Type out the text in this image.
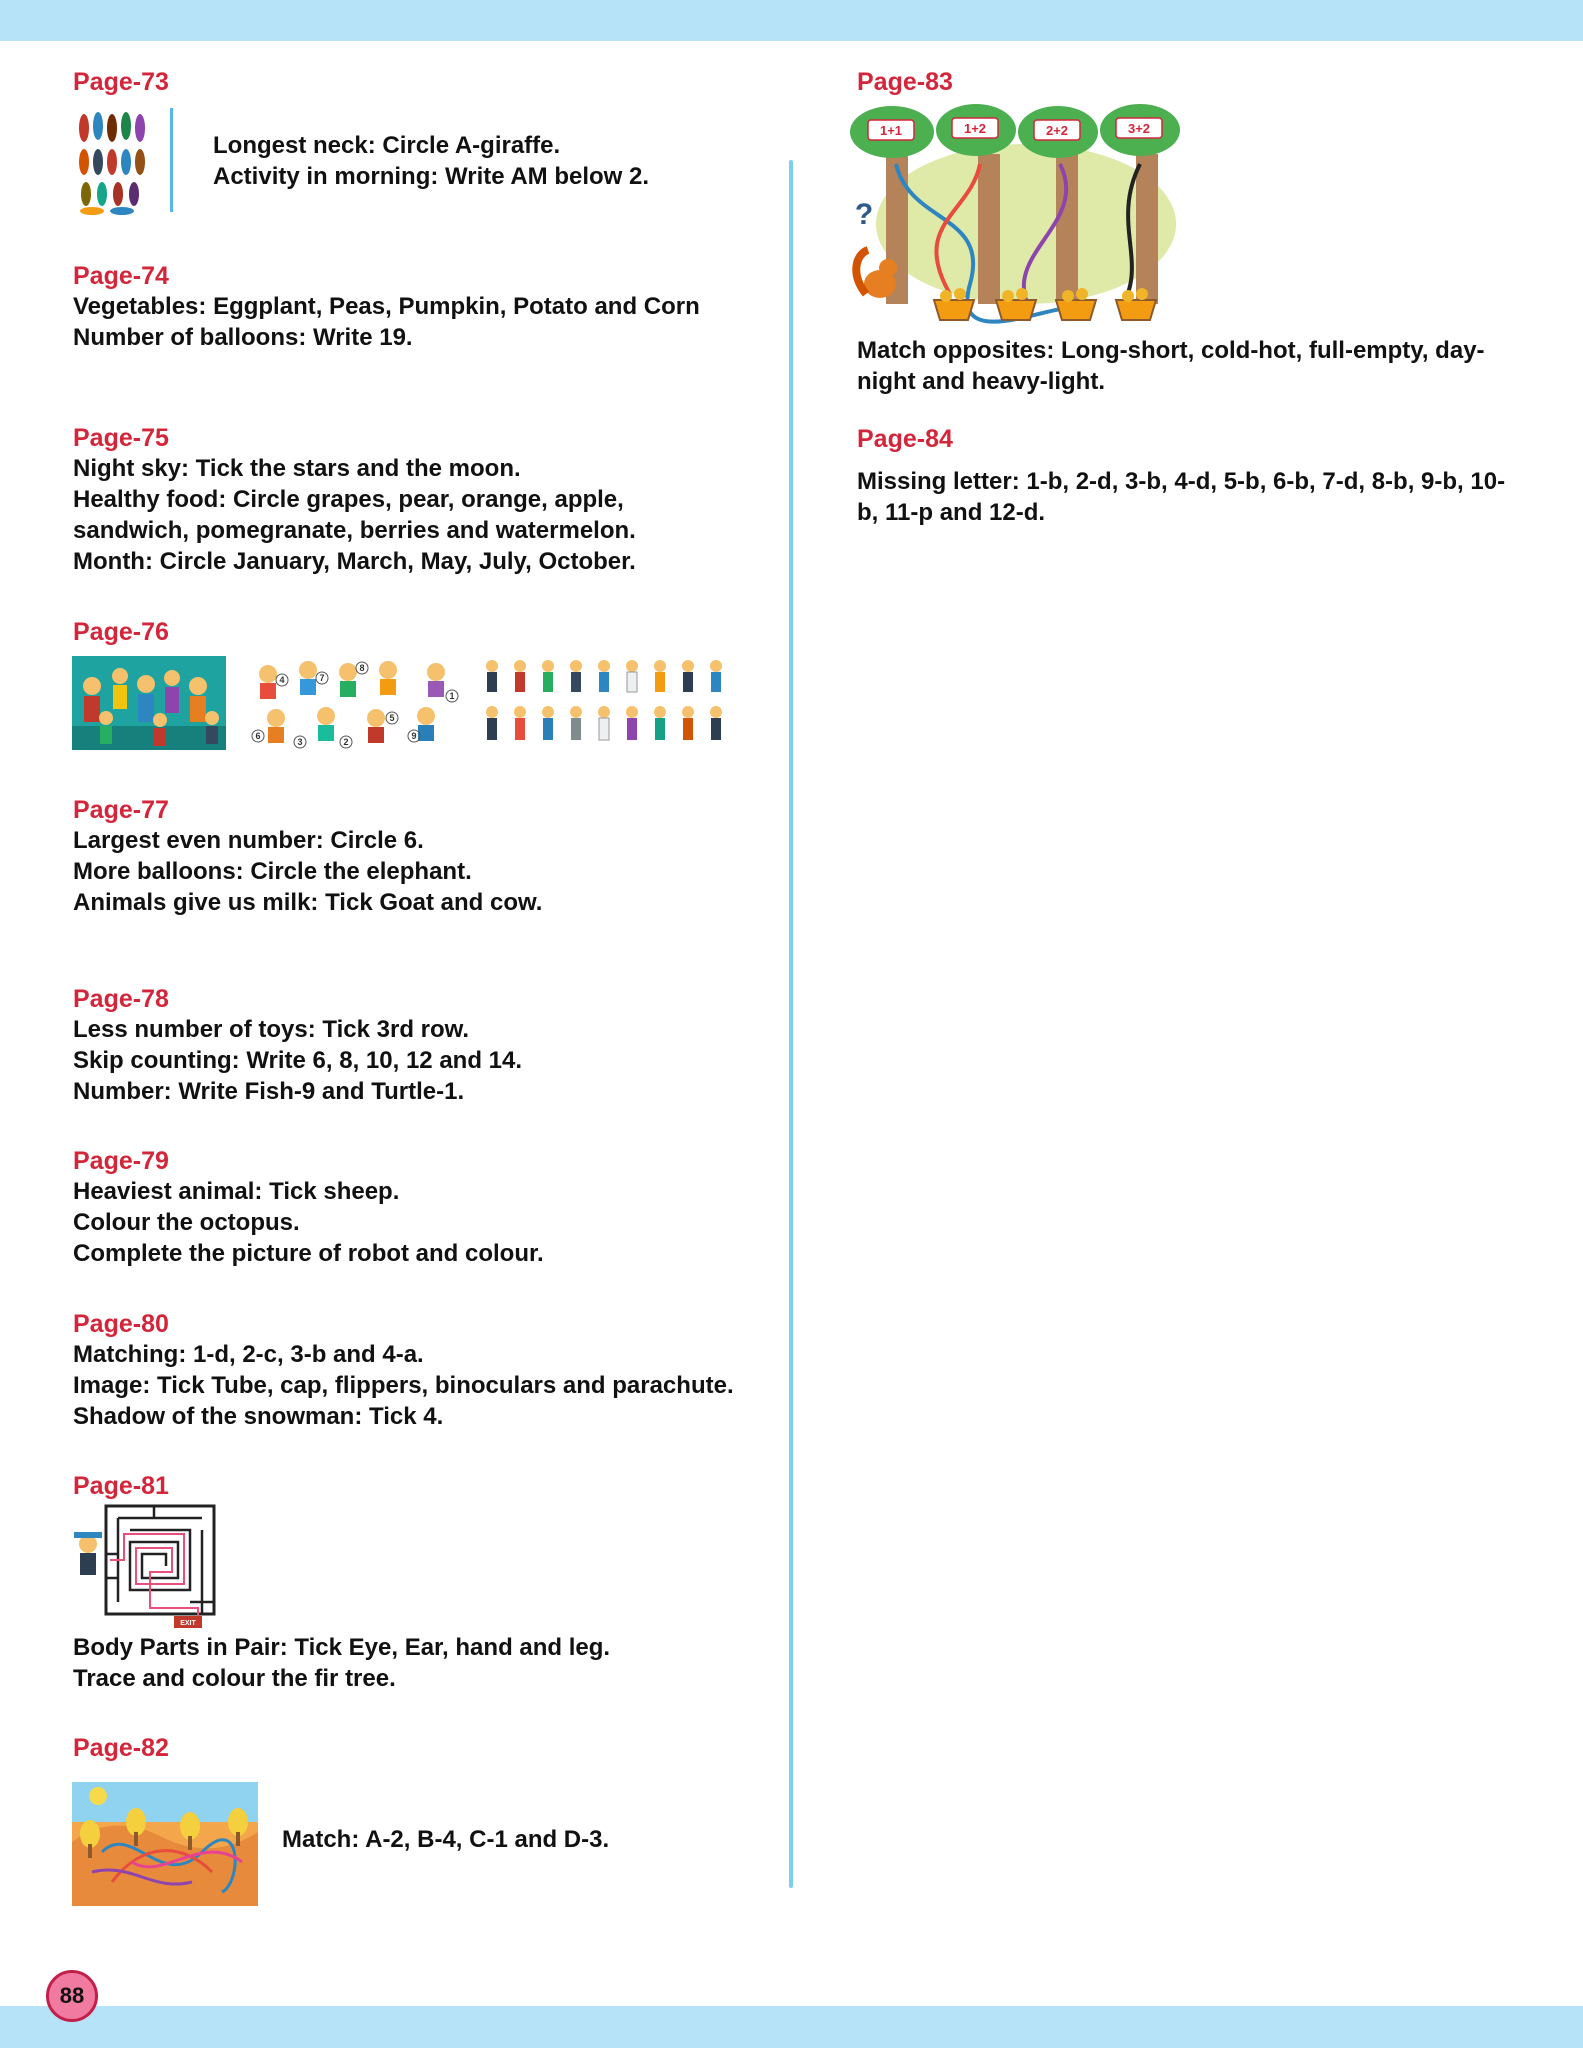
Page-73
Longest neck: Circle A-giraffe.
Activity in morning: Write AM below 2.
Page-74
Vegetables: Eggplant, Peas, Pumpkin, Potato and Corn
Number of balloons: Write 19.
Page-75
Night sky: Tick the stars and the moon.
Healthy food: Circle grapes, pear, orange, apple,
sandwich, pomegranate, berries and watermelon.
Month: Circle January, March, May, July, October.
Page-76
4	7
8
1
6
3	2
5
9
Page-77
Largest even number: Circle 6.
More balloons: Circle the elephant.
Animals give us milk: Tick Goat and cow.
Page-78
Less number of toys: Tick 3rd row.
Skip counting: Write 6, 8, 10, 12 and 14.
Number: Write Fish-9 and Turtle-1.
Page-79
Heaviest animal: Tick sheep.
Colour the octopus.
Complete the picture of robot and colour.
Page-80
Matching: 1-d, 2-c, 3-b and 4-a.
Image: Tick Tube, cap, flippers, binoculars and parachute.
Shadow of the snowman: Tick 4.
Page-81
EXIT
Body Parts in Pair: Tick Eye, Ear, hand and leg.
Trace and colour the fir tree.
Page-82
Match: A-2, B-4, C-1 and D-3.
Page-83
1+1	1+2	2+2	3+2
?
Match opposites: Long-short, cold-hot, full-empty, day-
night and heavy-light.
Page-84
Missing letter: 1-b, 2-d, 3-b, 4-d, 5-b, 6-b, 7-d, 8-b, 9-b, 10-
b, 11-p and 12-d.
88
